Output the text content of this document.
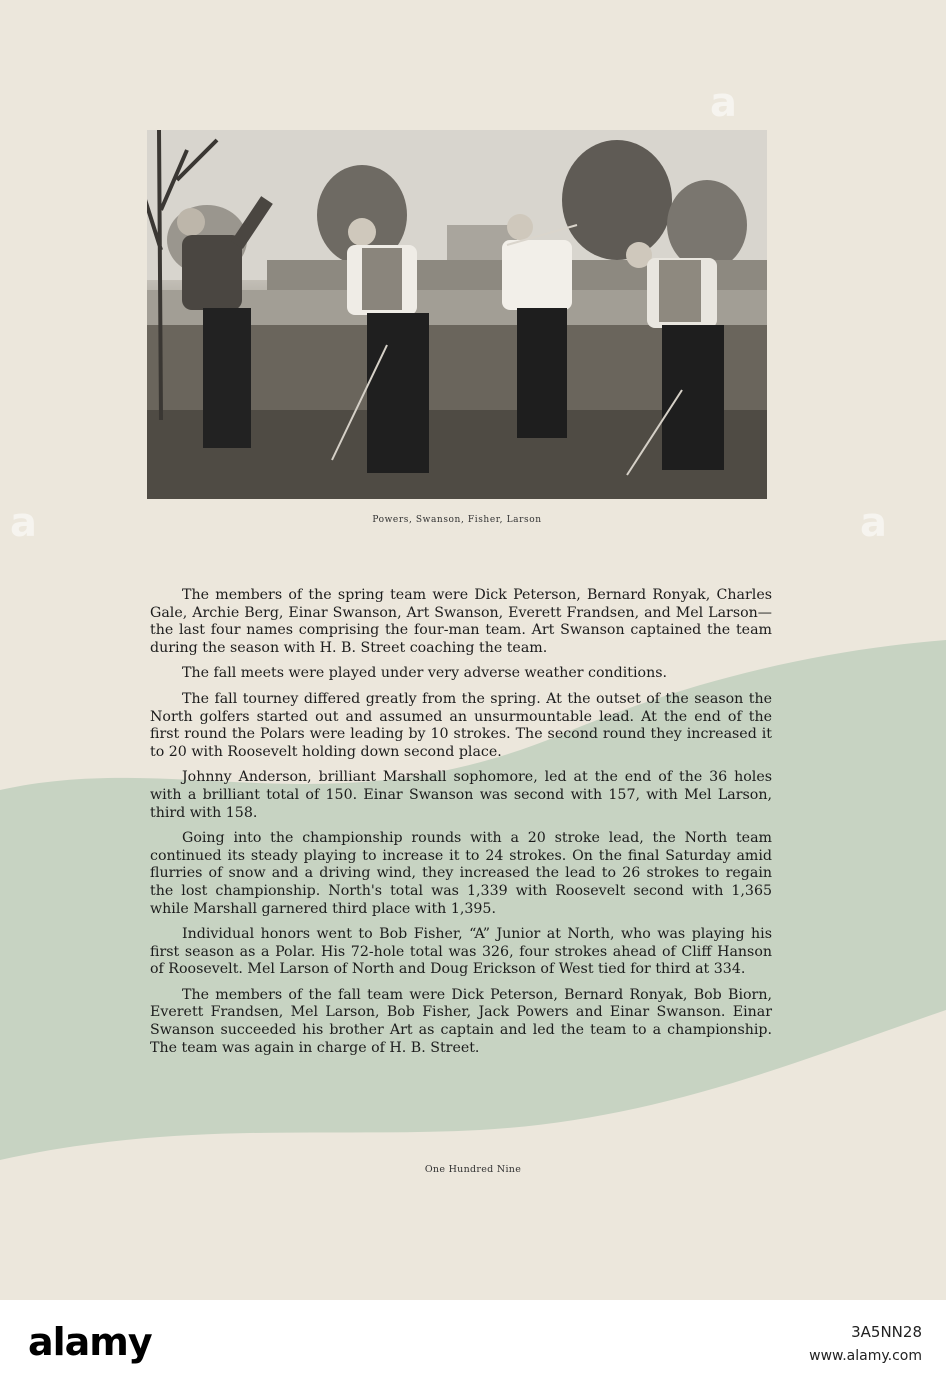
Powers, Swanson, Fisher, Larson

The members of the spring team were Dick Peterson, Bernard Ronyak, Charles Gale, Archie Berg, Einar Swanson, Art Swanson, Everett Frandsen, and Mel Larson—the last four names comprising the four-man team. Art Swanson captained the team during the season with H. B. Street coaching the team.

The fall meets were played under very adverse weather conditions.

The fall tourney differed greatly from the spring. At the outset of the season the North golfers started out and assumed an unsurmountable lead. At the end of the first round the Polars were leading by 10 strokes. The second round they increased it to 20 with Roosevelt holding down second place.

Johnny Anderson, brilliant Marshall sophomore, led at the end of the 36 holes with a brilliant total of 150. Einar Swanson was second with 157, with Mel Larson, third with 158.

Going into the championship rounds with a 20 stroke lead, the North team continued its steady playing to increase it to 24 strokes. On the final Saturday amid flurries of snow and a driving wind, they increased the lead to 26 strokes to regain the lost championship. North's total was 1,339 with Roosevelt second with 1,365 while Marshall garnered third place with 1,395.

Individual honors went to Bob Fisher, “A” Junior at North, who was playing his first season as a Polar. His 72-hole total was 326, four strokes ahead of Cliff Hanson of Roosevelt. Mel Larson of North and Doug Erickson of West tied for third at 334.

The members of the fall team were Dick Peterson, Bernard Ronyak, Bob Biorn, Everett Frandsen, Mel Larson, Bob Fisher, Jack Powers and Einar Swanson. Einar Swanson succeeded his brother Art as captain and led the team to a championship. The team was again in charge of H. B. Street.

One Hundred Nine
a
a	a
alamy	3A5NN28
www.alamy.com
